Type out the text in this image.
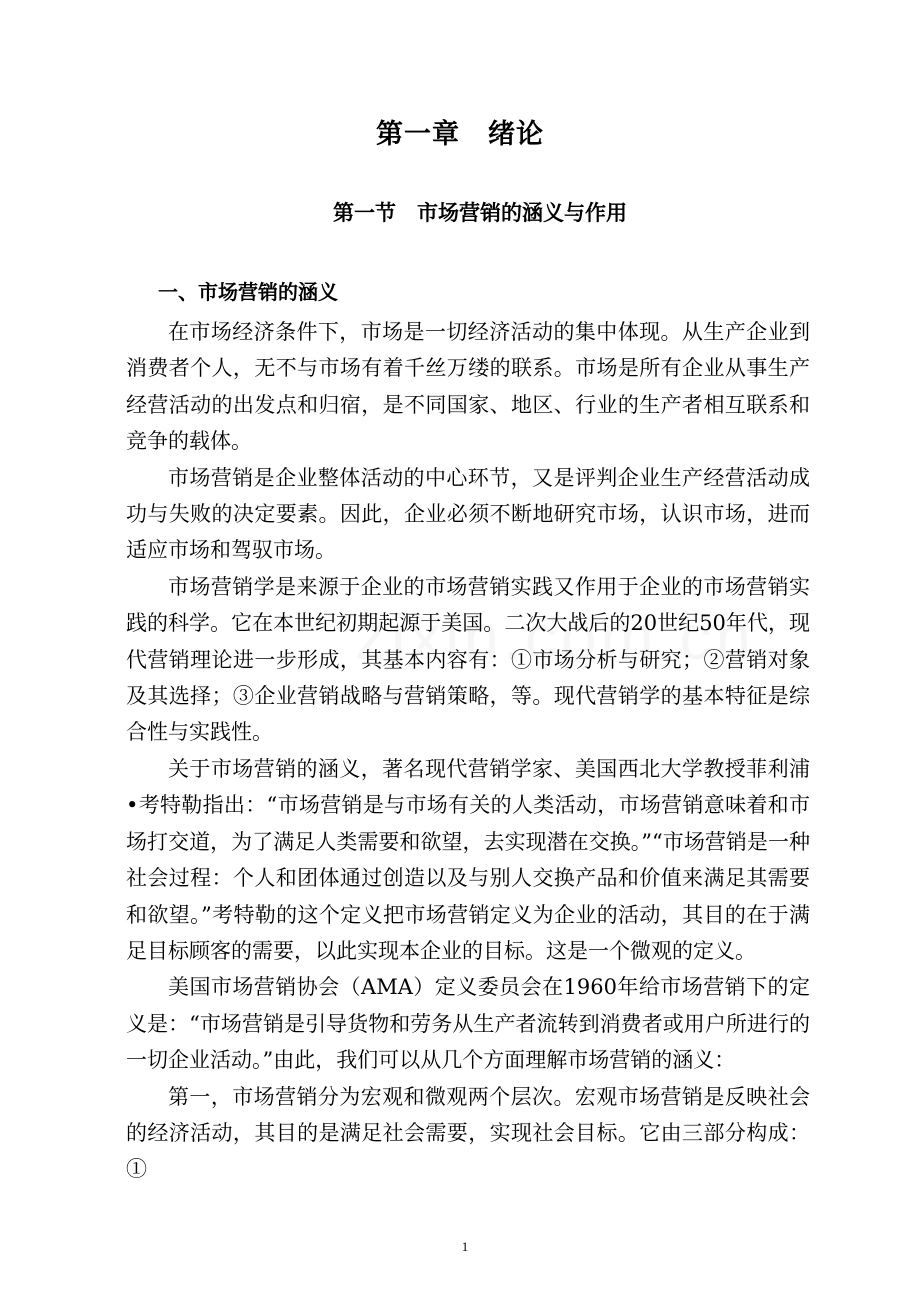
第一章　绪论
第一节　市场营销的涵义与作用
一、市场营销的涵义

在市场经济条件下，市场是一切经济活动的集中体现。从生产企业到消费者个人，无不与市场有着千丝万缕的联系。市场是所有企业从事生产经营活动的出发点和归宿，是不同国家、地区、行业的生产者相互联系和竞争的载体。

市场营销是企业整体活动的中心环节，又是评判企业生产经营活动成功与失败的决定要素。因此，企业必须不断地研究市场，认识市场，进而适应市场和驾驭市场。

市场营销学是来源于企业的市场营销实践又作用于企业的市场营销实践的科学。它在本世纪初期起源于美国。二次大战后的20世纪50年代，现代营销理论进一步形成，其基本内容有：①市场分析与研究；②营销对象及其选择；③企业营销战略与营销策略，等。现代营销学的基本特征是综合性与实践性。

关于市场营销的涵义，著名现代营销学家、美国西北大学教授菲利浦•考特勒指出：“市场营销是与市场有关的人类活动，市场营销意味着和市场打交道，为了满足人类需要和欲望，去实现潜在交换。”“市场营销是一种社会过程：个人和团体通过创造以及与别人交换产品和价值来满足其需要和欲望。”考特勒的这个定义把市场营销定义为企业的活动，其目的在于满足目标顾客的需要，以此实现本企业的目标。这是一个微观的定义。

美国市场营销协会（AMA）定义委员会在1960年给市场营销下的定义是：“市场营销是引导货物和劳务从生产者流转到消费者或用户所进行的一切企业活动。”由此，我们可以从几个方面理解市场营销的涵义：

第一，市场营销分为宏观和微观两个层次。宏观市场营销是反映社会的经济活动，其目的是满足社会需要，实现社会目标。它由三部分构成：①

1
